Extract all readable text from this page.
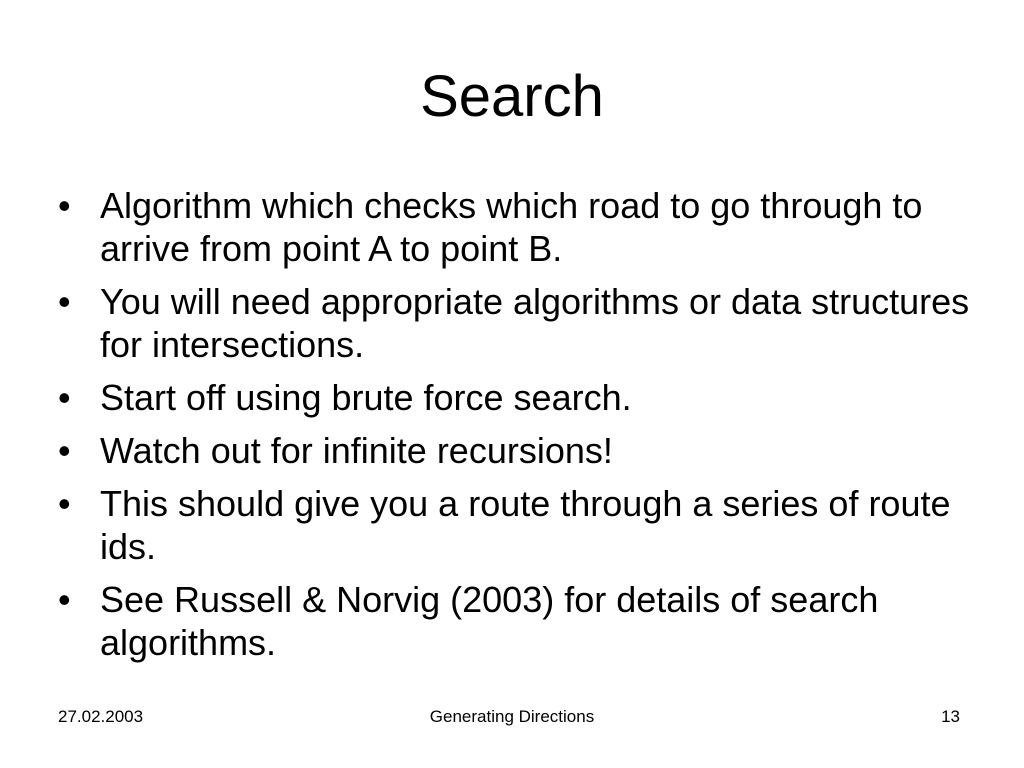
Search
• Algorithm which checks which road to go through to arrive from point A to point B.
• You will need appropriate algorithms or data structures for intersections.
• Start off using brute force search.
• Watch out for infinite recursions!
• This should give you a route through a series of route ids.
• See Russell & Norvig (2003) for details of search algorithms.
27.02.2003	Generating Directions	13
